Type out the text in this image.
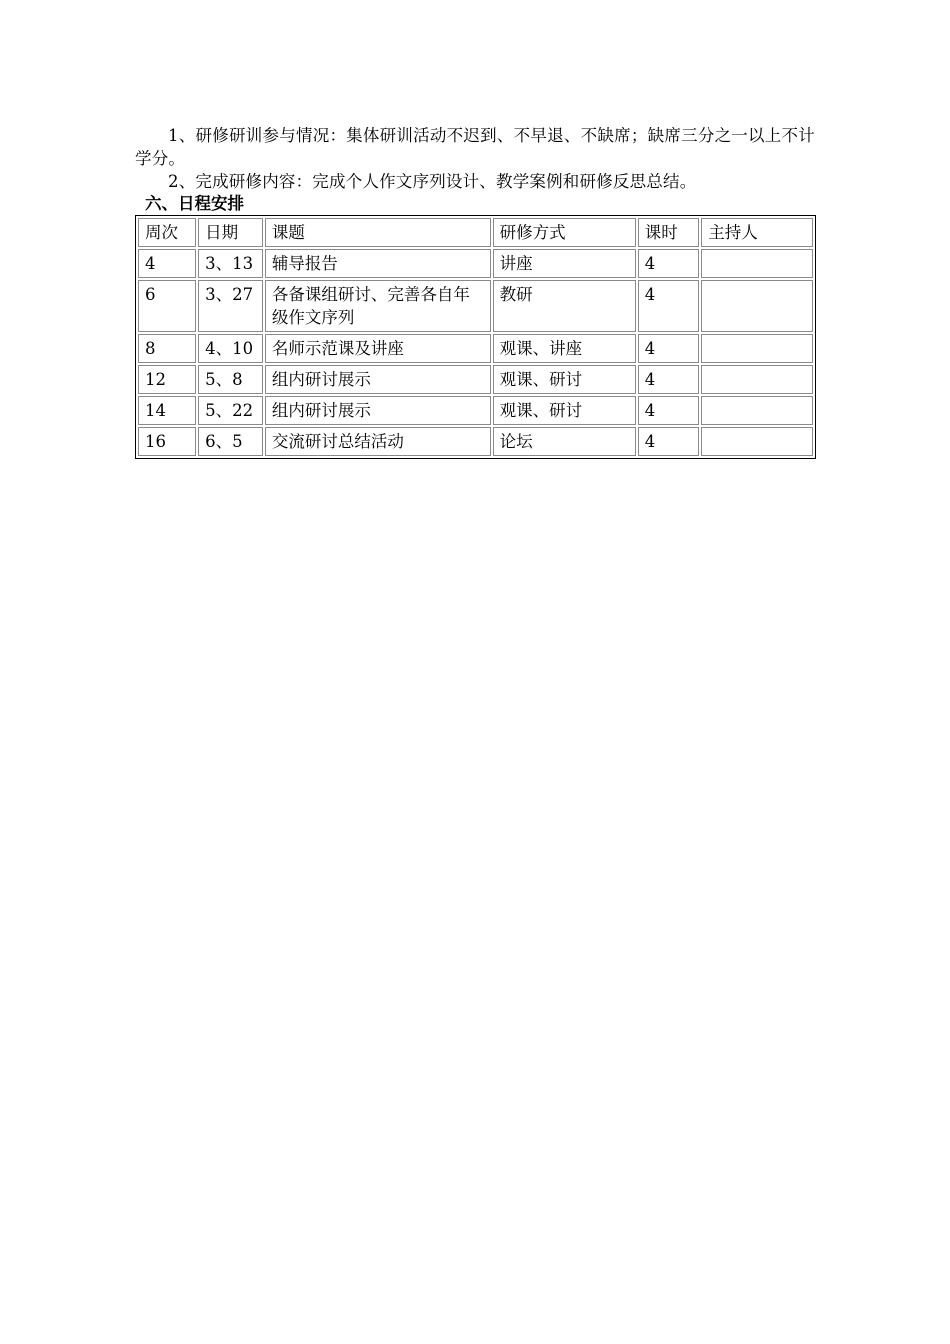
1、研修研训参与情况：集体研训活动不迟到、不早退、不缺席；缺席三分之一以上不计学分。

2、完成研修内容：完成个人作文序列设计、教学案例和研修反思总结。

六、日程安排
周次	日期	课题	研修方式	课时	主持人
4	3、13	辅导报告	讲座	4	
6	3、27	各备课组研讨、完善各自年级作文序列	教研	4	
8	4、10	名师示范课及讲座	观课、讲座	4	
12	5、8	组内研讨展示	观课、研讨	4	
14	5、22	组内研讨展示	观课、研讨	4	
16	6、5	交流研讨总结活动	论坛	4	
